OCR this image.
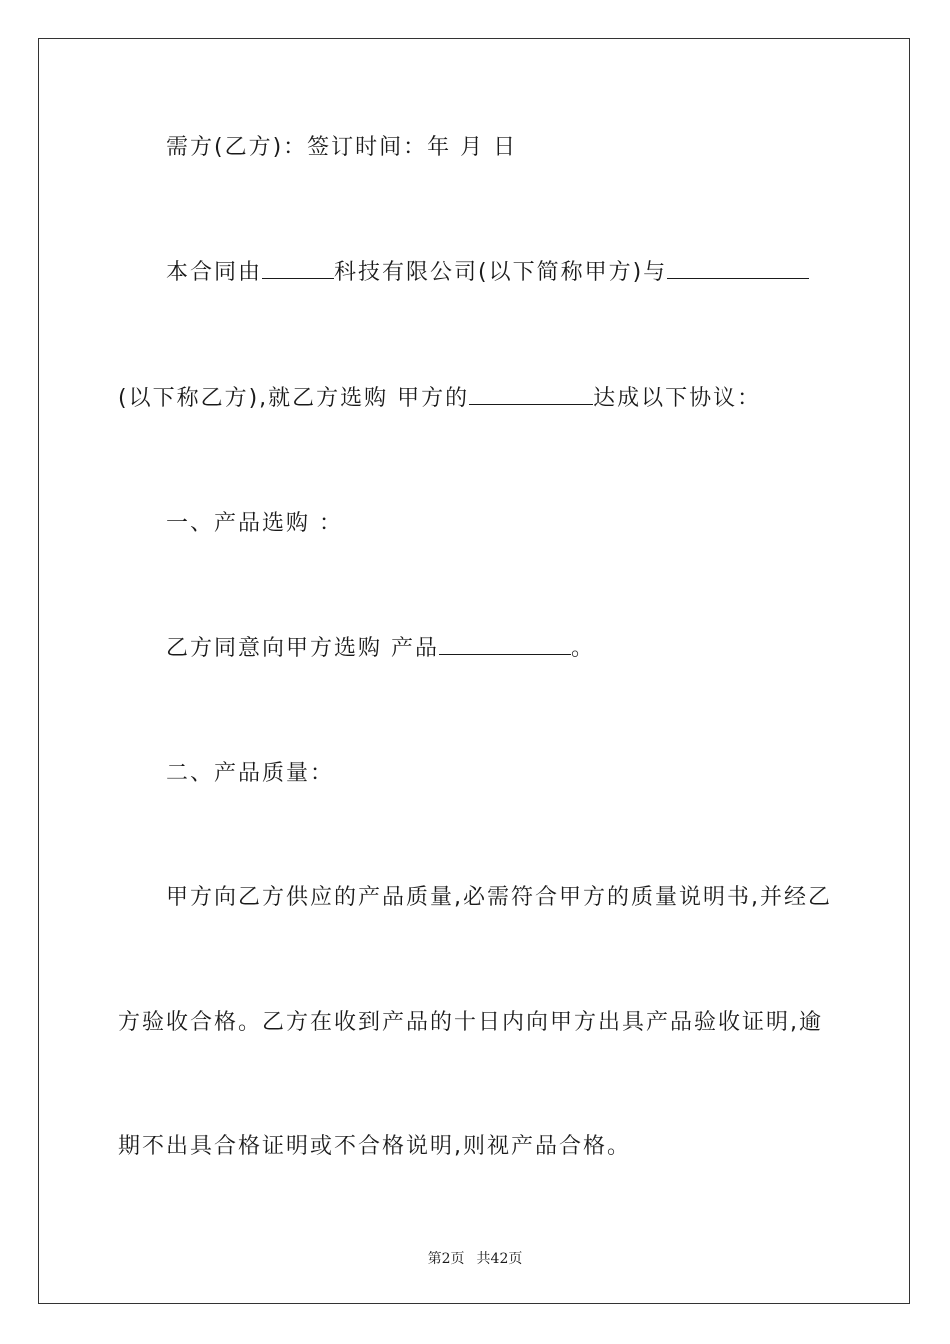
需方(乙方)：签订时间：年 月 日
本合同由	科技有限公司(以下简称甲方)与
(以下称乙方),就乙方选购 甲方的	达成以下协议：
一、产品选购 ：
乙方同意向甲方选购 产品	。
二、产品质量：
甲方向乙方供应的产品质量,必需符合甲方的质量说明书,并经乙
方验收合格。乙方在收到产品的十日内向甲方出具产品验收证明,逾
期不出具合格证明或不合格说明,则视产品合格。
第2页 共42页
